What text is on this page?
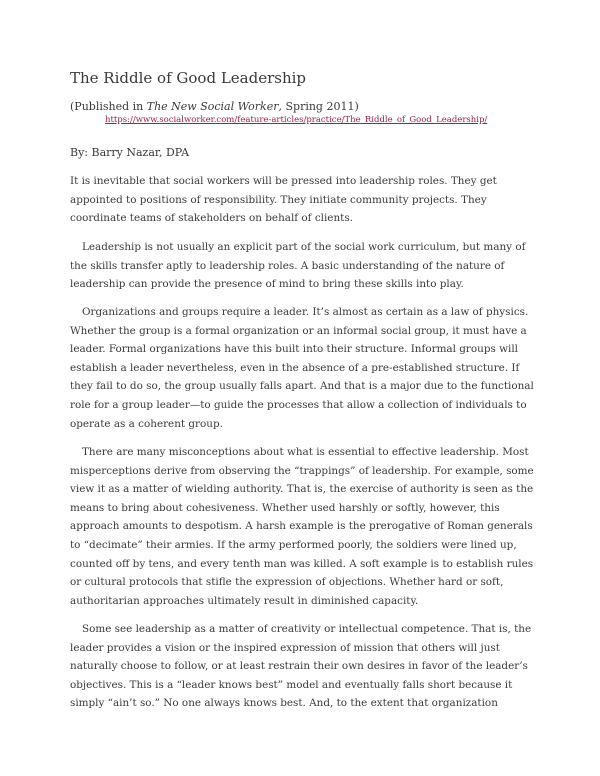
The Riddle of Good Leadership
(Published in The New Social Worker, Spring 2011)
https://www.socialworker.com/feature-articles/practice/The_Riddle_of_Good_Leadership/
By: Barry Nazar, DPA
It is inevitable that social workers will be pressed into leadership roles. They get
appointed to positions of responsibility. They initiate community projects. They
coordinate teams of stakeholders on behalf of clients.
Leadership is not usually an explicit part of the social work curriculum, but many of
the skills transfer aptly to leadership roles. A basic understanding of the nature of
leadership can provide the presence of mind to bring these skills into play.
Organizations and groups require a leader. It’s almost as certain as a law of physics.
Whether the group is a formal organization or an informal social group, it must have a
leader. Formal organizations have this built into their structure. Informal groups will
establish a leader nevertheless, even in the absence of a pre-established structure. If
they fail to do so, the group usually falls apart. And that is a major due to the functional
role for a group leader—to guide the processes that allow a collection of individuals to
operate as a coherent group.
There are many misconceptions about what is essential to effective leadership. Most
misperceptions derive from observing the “trappings” of leadership. For example, some
view it as a matter of wielding authority. That is, the exercise of authority is seen as the
means to bring about cohesiveness. Whether used harshly or softly, however, this
approach amounts to despotism. A harsh example is the prerogative of Roman generals
to “decimate” their armies. If the army performed poorly, the soldiers were lined up,
counted off by tens, and every tenth man was killed. A soft example is to establish rules
or cultural protocols that stifle the expression of objections. Whether hard or soft,
authoritarian approaches ultimately result in diminished capacity.
Some see leadership as a matter of creativity or intellectual competence. That is, the
leader provides a vision or the inspired expression of mission that others will just
naturally choose to follow, or at least restrain their own desires in favor of the leader’s
objectives. This is a “leader knows best” model and eventually falls short because it
simply “ain’t so.” No one always knows best. And, to the extent that organization
